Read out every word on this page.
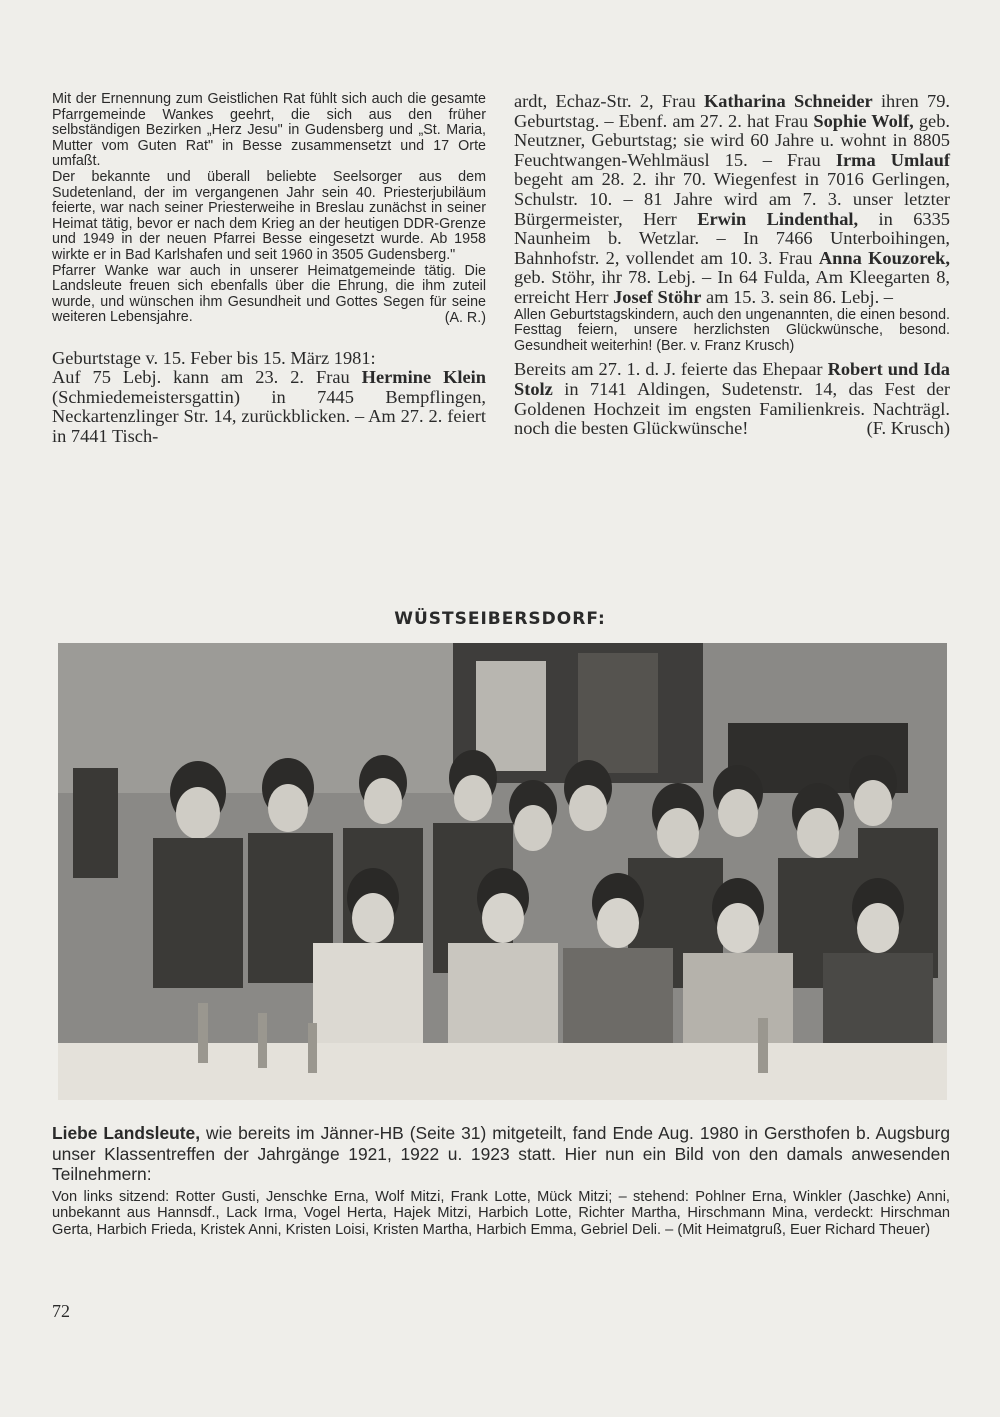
Mit der Ernennung zum Geistlichen Rat fühlt sich auch die gesamte Pfarrgemeinde Wankes geehrt, die sich aus den früher selbständigen Bezirken „Herz Jesu" in Gudensberg und „St. Maria, Mutter vom Guten Rat" in Besse zusammensetzt und 17 Orte umfaßt.

Der bekannte und überall beliebte Seelsorger aus dem Sudetenland, der im vergangenen Jahr sein 40. Priesterjubiläum feierte, war nach seiner Priesterweihe in Breslau zunächst in seiner Heimat tätig, bevor er nach dem Krieg an der heutigen DDR-Grenze und 1949 in der neuen Pfarrei Besse eingesetzt wurde. Ab 1958 wirkte er in Bad Karlshafen und seit 1960 in 3505 Gudensberg."

Pfarrer Wanke war auch in unserer Heimatgemeinde tätig. Die Landsleute freuen sich ebenfalls über die Ehrung, die ihm zuteil wurde, und wünschen ihm Gesundheit und Gottes Segen für seine weiteren Lebensjahre.	(A. R.)

Geburtstage v. 15. Feber bis 15. März 1981:

Auf 75 Lebj. kann am 23. 2. Frau Hermine Klein (Schmiedemeistersgattin) in 7445 Bempflingen, Neckartenzlinger Str. 14, zurückblicken. – Am 27. 2. feiert in 7441 Tisch-

ardt, Echaz-Str. 2, Frau Katharina Schneider ihren 79. Geburtstag. – Ebenf. am 27. 2. hat Frau Sophie Wolf, geb. Neutzner, Geburtstag; sie wird 60 Jahre u. wohnt in 8805 Feuchtwangen-Wehlmäusl 15. – Frau Irma Umlauf begeht am 28. 2. ihr 70. Wiegenfest in 7016 Gerlingen, Schulstr. 10. – 81 Jahre wird am 7. 3. unser letzter Bürgermeister, Herr Erwin Lindenthal, in 6335 Naunheim b. Wetzlar. – In 7466 Unterboihingen, Bahnhofstr. 2, vollendet am 10. 3. Frau Anna Kouzorek, geb. Stöhr, ihr 78. Lebj. – In 64 Fulda, Am Kleegarten 8, erreicht Herr Josef Stöhr am 15. 3. sein 86. Lebj. –

Allen Geburtstagskindern, auch den ungenannten, die einen besond. Festtag feiern, unsere herzlichsten Glückwünsche, besond. Gesundheit weiterhin! (Ber. v. Franz Krusch)

Bereits am 27. 1. d. J. feierte das Ehepaar Robert und Ida Stolz in 7141 Aldingen, Sudetenstr. 14, das Fest der Goldenen Hochzeit im engsten Familienkreis. Nachträgl. noch die besten Glückwünsche!	(F. Krusch)

WÜSTSEIBERSDORF:

Liebe Landsleute, wie bereits im Jänner-HB (Seite 31) mitgeteilt, fand Ende Aug. 1980 in Gersthofen b. Augsburg unser Klassentreffen der Jahrgänge 1921, 1922 u. 1923 statt. Hier nun ein Bild von den damals anwesenden Teilnehmern:

Von links sitzend: Rotter Gusti, Jenschke Erna, Wolf Mitzi, Frank Lotte, Mück Mitzi; – stehend: Pohlner Erna, Winkler (Jaschke) Anni, unbekannt aus Hannsdf., Lack Irma, Vogel Herta, Hajek Mitzi, Harbich Lotte, Richter Martha, Hirschmann Mina, verdeckt: Hirschman Gerta, Harbich Frieda, Kristek Anni, Kristen Loisi, Kristen Martha, Harbich Emma, Gebriel Deli. – (Mit Heimatgruß, Euer Richard Theuer)

72
